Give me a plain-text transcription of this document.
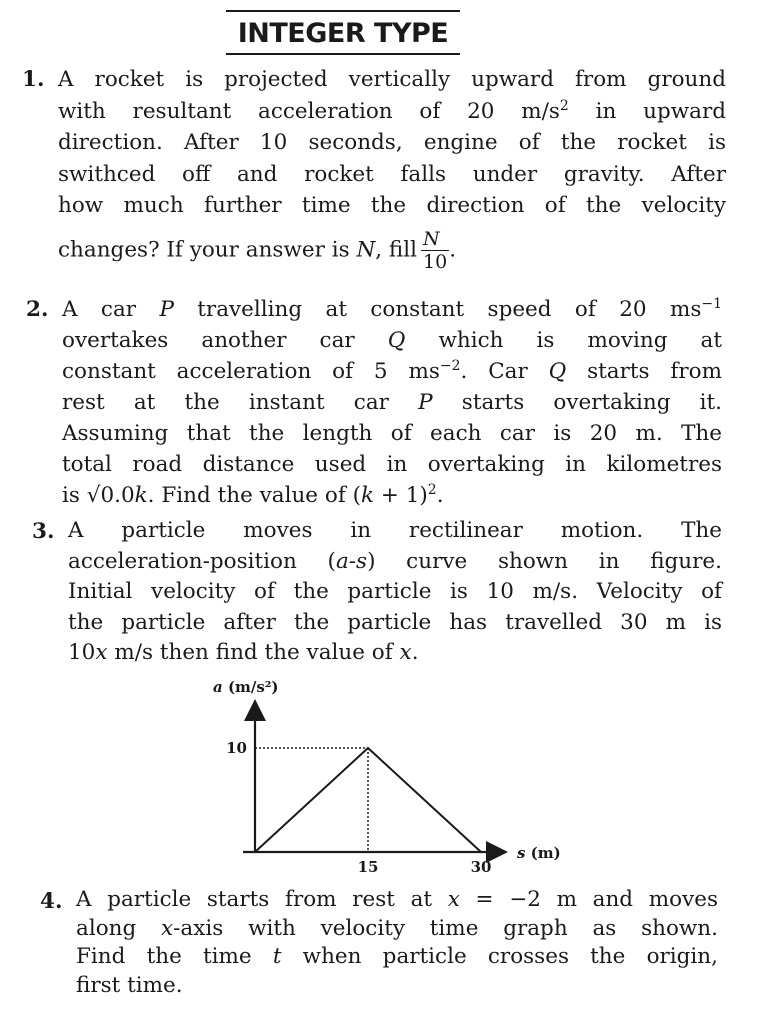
INTEGER TYPE
1. A rocket is projected vertically upward from ground
with resultant acceleration of 20 $m/s^2$ in upward
direction. After 10 seconds, engine of the rocket is
swithced off and rocket falls under gravity. After
how much further time the direction of the velocity
changes? If your answer is N, fill $\frac{N}{10}$ .
2. A car P travelling at constant speed of 20 $ms^{-1}$
overtakes another car Q which is moving at
constant acceleration of 5 $ms^{-2}$. Car Q starts from
rest at the instant car P starts overtaking it.
Assuming that the length of each car is 20 m. The
total road distance used in overtaking in kilometres
is √0.0k. Find the value of $(k + 1)^2$.
3. A particle moves in rectilinear motion. The
acceleration-position (a-s) curve shown in figure.
Initial velocity of the particle is 10 m/s. Velocity of
the particle after the particle has travelled 30 m is
10x m/s then find the value of x.
a (m/s²)
s (m)
10
15	30
4. A particle starts from rest at x = −2 m and moves
along x-axis with velocity time graph as shown.
Find the time t when particle crosses the origin,
first time.
